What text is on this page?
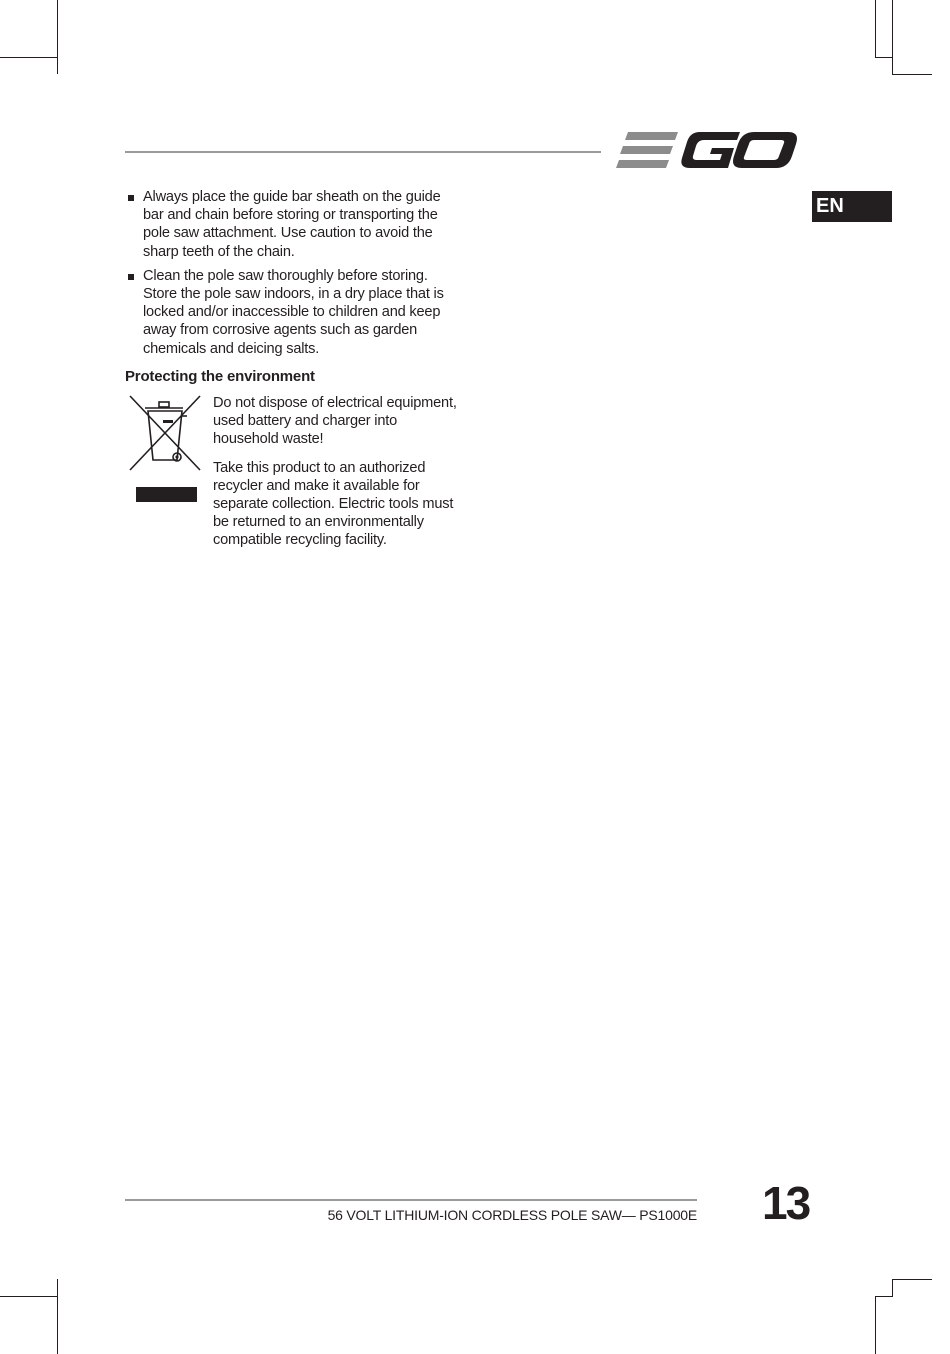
EN
Always place the guide bar sheath on the guide bar and chain before storing or transporting the pole saw attachment. Use caution to avoid the sharp teeth of the chain.
Clean the pole saw thoroughly before storing. Store the pole saw indoors, in a dry place that is locked and/or inaccessible to children and keep away from corrosive agents such as garden chemicals and deicing salts.
Protecting the environment

Do not dispose of electrical equipment, used battery and charger into household waste!

Take this product to an authorized recycler and make it available for separate collection. Electric tools must be returned to an environmentally compatible recycling facility.

56 VOLT LITHIUM-ION CORDLESS POLE SAW— PS1000E 13
